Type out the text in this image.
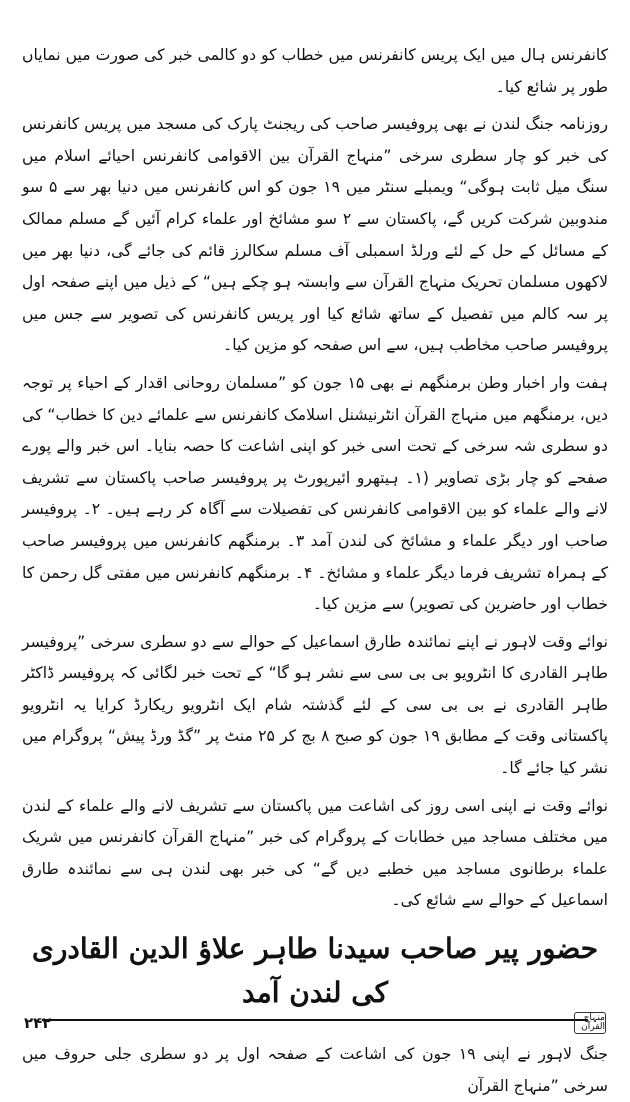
کانفرنس ہال میں ایک پریس کانفرنس میں خطاب کو دو کالمی خبر کی صورت میں نمایاں طور پر شائع کیا۔

روزنامہ جنگ لندن نے بھی پروفیسر صاحب کی ریجنٹ پارک کی مسجد میں پریس کانفرنس کی خبر کو چار سطری سرخی ”منہاج القرآن بین الاقوامی کانفرنس احیائے اسلام میں سنگ میل ثابت ہوگی“ ویمبلے سنٹر میں ۱۹ جون کو اس کانفرنس میں دنیا بھر سے ۵ سو مندوبین شرکت کریں گے، پاکستان سے ۲ سو مشائخ اور علماء کرام آئیں گے مسلم ممالک کے مسائل کے حل کے لئے ورلڈ اسمبلی آف مسلم سکالرز قائم کی جائے گی، دنیا بھر میں لاکھوں مسلمان تحریک منہاج القرآن سے وابستہ ہو چکے ہیں“ کے ذیل میں اپنے صفحہ اول پر سہ کالم میں تفصیل کے ساتھ شائع کیا اور پریس کانفرنس کی تصویر سے جس میں پروفیسر صاحب مخاطب ہیں، سے اس صفحہ کو مزین کیا۔

ہفت وار اخبار وطن برمنگھم نے بھی ۱۵ جون کو ”مسلمان روحانی اقدار کے احیاء پر توجہ دیں، برمنگھم میں منہاج القرآن انٹرنیشنل اسلامک کانفرنس سے علمائے دین کا خطاب“ کی دو سطری شہ سرخی کے تحت اسی خبر کو اپنی اشاعت کا حصہ بنایا۔ اس خبر والے پورے صفحے کو چار بڑی تصاویر (۱۔ ہیتھرو ائیرپورٹ پر پروفیسر صاحب پاکستان سے تشریف لانے والے علماء کو بین الاقوامی کانفرنس کی تفصیلات سے آگاہ کر رہے ہیں۔ ۲۔ پروفیسر صاحب اور دیگر علماء و مشائخ کی لندن آمد ۳۔ برمنگھم کانفرنس میں پروفیسر صاحب کے ہمراہ تشریف فرما دیگر علماء و مشائخ۔ ۴۔ برمنگھم کانفرنس میں مفتی گل رحمن کا خطاب اور حاضرین کی تصویر) سے مزین کیا۔

نوائے وقت لاہور نے اپنے نمائندہ طارق اسماعیل کے حوالے سے دو سطری سرخی ”پروفیسر طاہر القادری کا انٹرویو بی بی سی سے نشر ہو گا“ کے تحت خبر لگائی کہ پروفیسر ڈاکٹر طاہر القادری نے بی بی سی کے لئے گذشتہ شام ایک انٹرویو ریکارڈ کرایا یہ انٹرویو پاکستانی وقت کے مطابق ۱۹ جون کو صبح ۸ بج کر ۲۵ منٹ پر ”گڈ ورڈ پیش“ پروگرام میں نشر کیا جائے گا۔

نوائے وقت نے اپنی اسی روز کی اشاعت میں پاکستان سے تشریف لانے والے علماء کے لندن میں مختلف مساجد میں خطابات کے پروگرام کی خبر ”منہاج القرآن کانفرنس میں شریک علماء برطانوی مساجد میں خطبے دیں گے“ کی خبر بھی لندن ہی سے نمائندہ طارق اسماعیل کے حوالے سے شائع کی۔

حضور پیر صاحب سیدنا طاہر علاؤ الدین القادری کی لندن آمد

جنگ لاہور نے اپنی ۱۹ جون کی اشاعت کے صفحہ اول پر دو سطری جلی حروف میں سرخی ”منہاج القرآن

منہاج القرآن
۲۴۲
